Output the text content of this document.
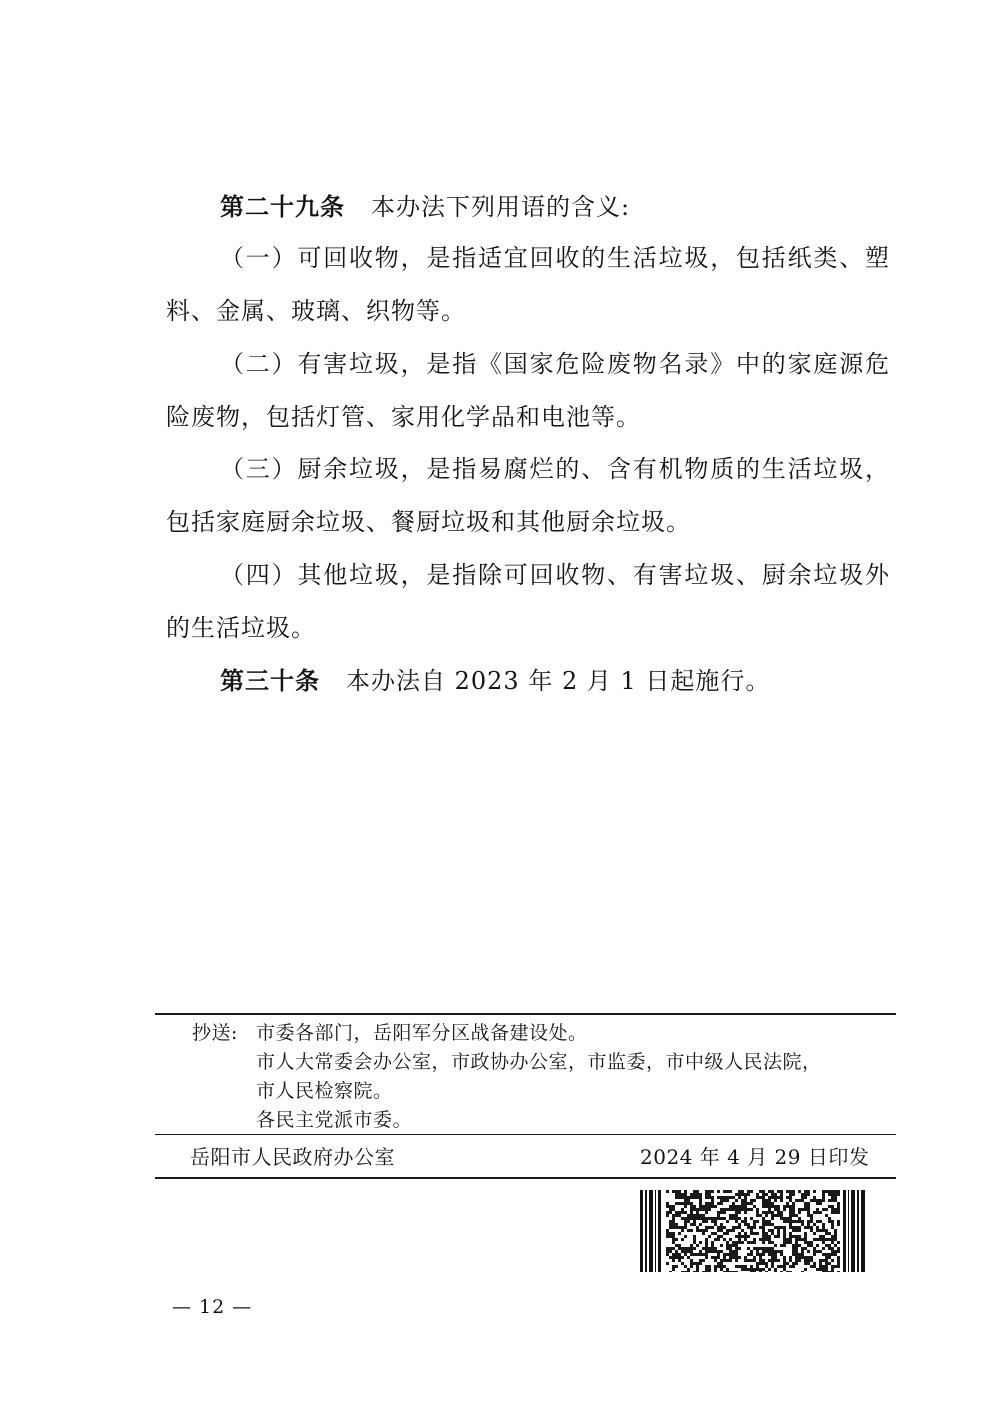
第二十九条 本办法下列用语的含义:

（一）可回收物，是指适宜回收的生活垃圾，包括纸类、塑料、金属、玻璃、织物等。

（二）有害垃圾，是指《国家危险废物名录》中的家庭源危险废物，包括灯管、家用化学品和电池等。

（三）厨余垃圾，是指易腐烂的、含有机物质的生活垃圾，包括家庭厨余垃圾、餐厨垃圾和其他厨余垃圾。

（四）其他垃圾，是指除可回收物、有害垃圾、厨余垃圾外的生活垃圾。

第三十条 本办法自 2023 年 2 月 1 日起施行。

抄送: 市委各部门，岳阳军分区战备建设处。
市人大常委会办公室，市政协办公室，市监委，市中级人民法院，
市人民检察院。
各民主党派市委。
岳阳市人民政府办公室	2024 年 4 月 29 日印发
— 12 —
